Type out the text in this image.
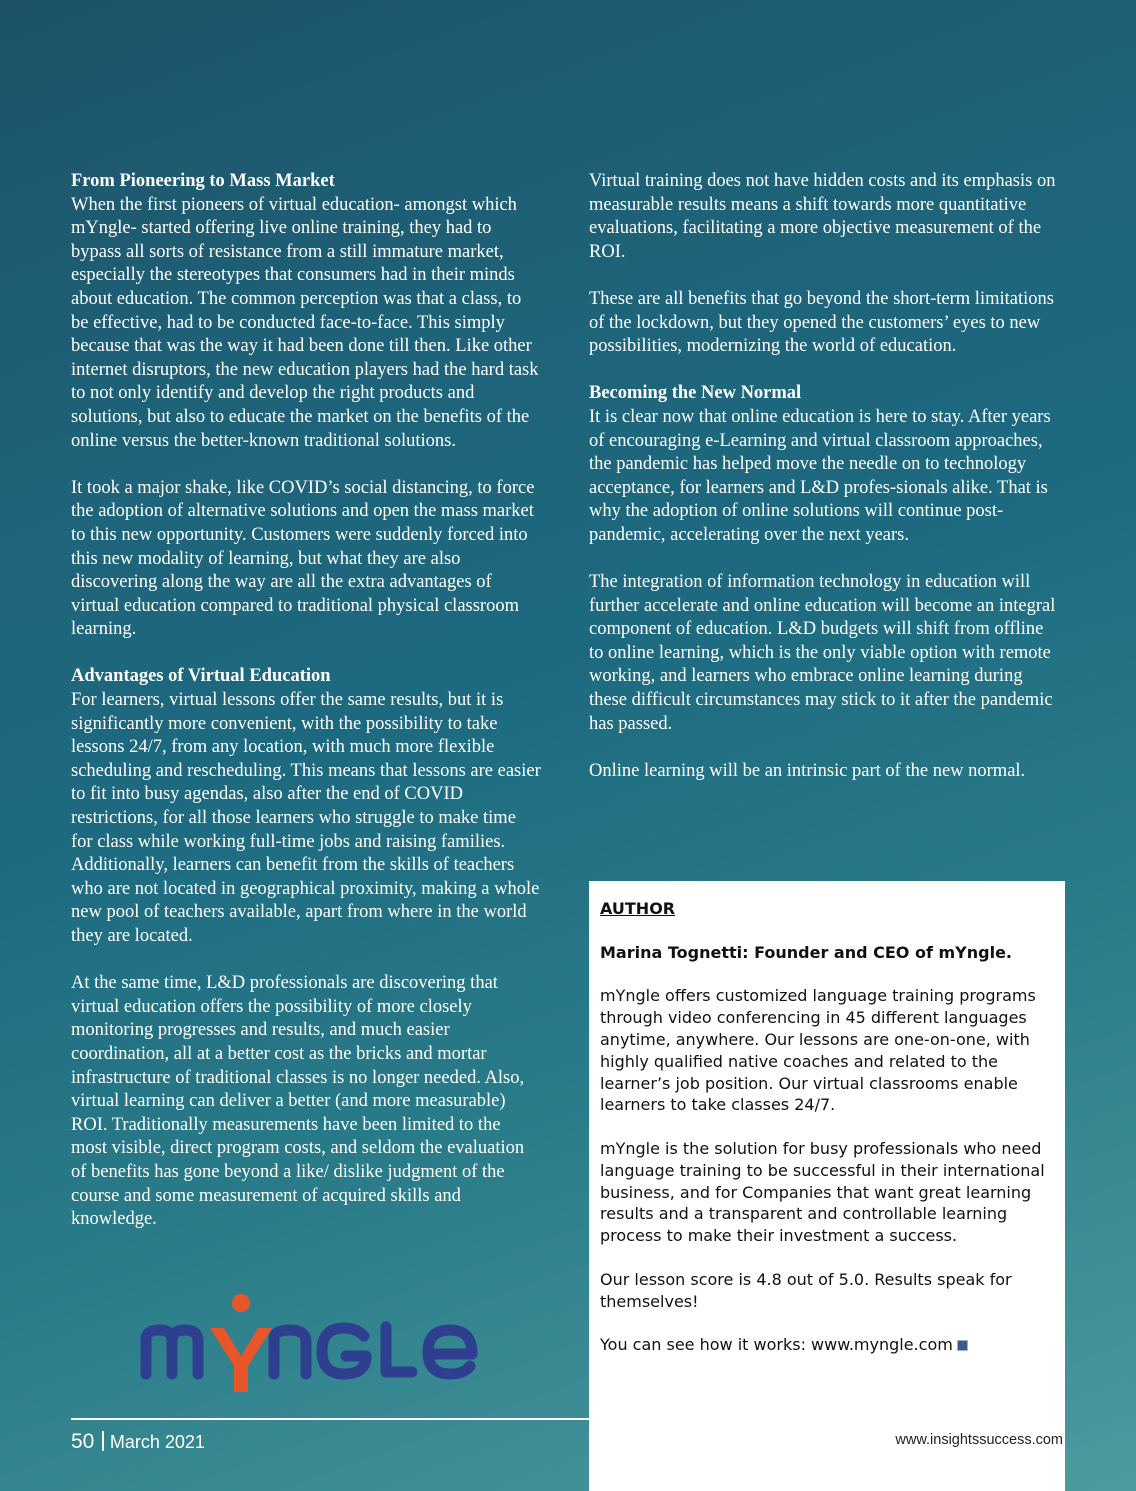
From Pioneering to Mass Market

When the first pioneers of virtual education- amongst which mYngle- started offering live online training, they had to bypass all sorts of resistance from a still immature market, especially the stereotypes that consumers had in their minds about education. The common perception was that a class, to be effective, had to be conducted face-to-face. This simply because that was the way it had been done till then. Like other internet disruptors, the new education players had the hard task to not only identify and develop the right products and solutions, but also to educate the market on the benefits of the online versus the better-known traditional solutions.

It took a major shake, like COVID’s social distancing, to force the adoption of alternative solutions and open the mass market to this new opportunity. Customers were suddenly forced into this new modality of learning, but what they are also discovering along the way are all the extra advantages of virtual education compared to traditional physical classroom learning.

Advantages of Virtual Education

For learners, virtual lessons offer the same results, but it is significantly more convenient, with the possibility to take lessons 24/7, from any location, with much more flexible scheduling and rescheduling. This means that lessons are easier to fit into busy agendas, also after the end of COVID restrictions, for all those learners who struggle to make time for class while working full-time jobs and raising families. Additionally, learners can benefit from the skills of teachers who are not located in geographical proximity, making a whole new pool of teachers available, apart from where in the world they are located.

At the same time, L&D professionals are discovering that virtual education offers the possibility of more closely monitoring progresses and results, and much easier coordination, all at a better cost as the bricks and mortar infrastructure of traditional classes is no longer needed. Also, virtual learning can deliver a better (and more measurable) ROI. Traditionally measurements have been limited to the most visible, direct program costs, and seldom the evaluation of benefits has gone beyond a like/ dislike judgment of the course and some measurement of acquired skills and knowledge.

Virtual training does not have hidden costs and its emphasis on measurable results means a shift towards more quantitative evaluations, facilitating a more objective measurement of the ROI.

These are all benefits that go beyond the short-term limitations of the lockdown, but they opened the customers’ eyes to new possibilities, modernizing the world of education.

Becoming the New Normal

It is clear now that online education is here to stay. After years of encouraging e-Learning and virtual classroom approaches, the pandemic has helped move the needle on to technology acceptance, for learners and L&D profes-sionals alike. That is why the adoption of online solutions will continue post- pandemic, accelerating over the next years.

The integration of information technology in education will further accelerate and online education will become an integral component of education. L&D budgets will shift from offline to online learning, which is the only viable option with remote working, and learners who embrace online learning during these difficult circumstances may stick to it after the pandemic has passed.

Online learning will be an intrinsic part of the new normal.

AUTHOR

Marina Tognetti: Founder and CEO of mYngle.

mYngle offers customized language training programs through video conferencing in 45 different languages anytime, anywhere. Our lessons are one-on-one, with highly qualified native coaches and related to the learner’s job position. Our virtual classrooms enable learners to take classes 24/7.

mYngle is the solution for busy professionals who need language training to be successful in their international business, and for Companies that want great learning results and a transparent and controllable learning process to make their investment a success.

Our lesson score is 4.8 out of 5.0. Results speak for themselves!

You can see how it works: www.myngle.com

50 March 2021	www.insightssuccess.com
